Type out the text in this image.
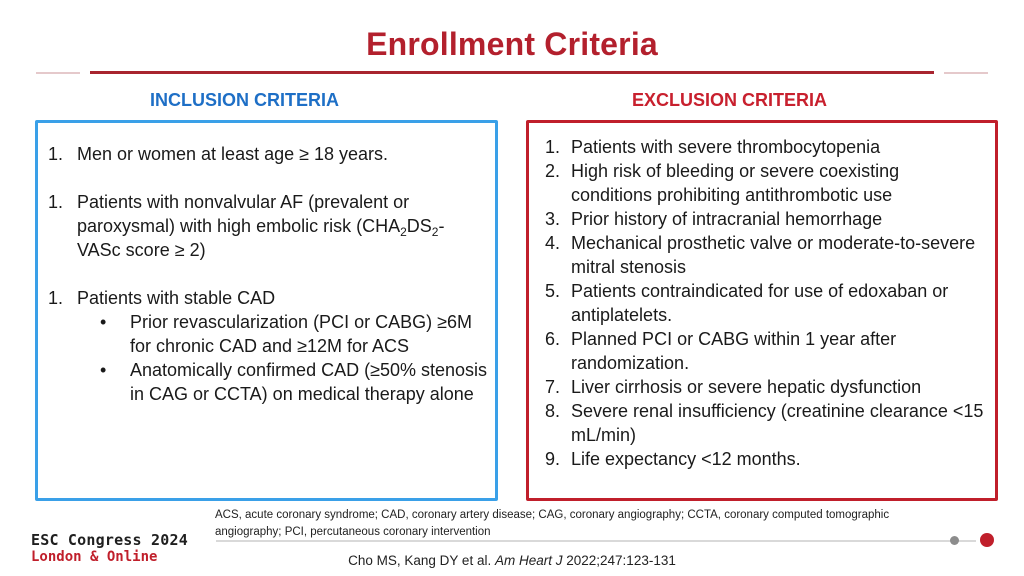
Enrollment Criteria
INCLUSION CRITERIA	EXCLUSION CRITERIA
1. Men or women at least age ≥ 18 years.
1. Patients with nonvalvular AF (prevalent or paroxysmal) with high embolic risk ($CHA_2DS_2$-VASc score ≥ 2)
1. Patients with stable CAD
•	Prior revascularization (PCI or CABG) ≥6M for chronic CAD and ≥12M for ACS
•	Anatomically confirmed CAD (≥50% stenosis in CAG or CCTA) on medical therapy alone
1. Patients with severe thrombocytopenia
2. High risk of bleeding or severe coexisting conditions prohibiting antithrombotic use
3. Prior history of intracranial hemorrhage
4. Mechanical prosthetic valve or moderate-to-severe mitral stenosis
5. Patients contraindicated for use of edoxaban or antiplatelets.
6. Planned PCI or CABG within 1 year after randomization.
7. Liver cirrhosis or severe hepatic dysfunction
8. Severe renal insufficiency (creatinine clearance <15 mL/min)
9. Life expectancy <12 months.
ACS, acute coronary syndrome; CAD, coronary artery disease; CAG, coronary angiography; CCTA, coronary computed tomographic angiography; PCI, percutaneous coronary intervention
ESC Congress 2024
London & Online	Cho MS, Kang DY et al. Am Heart J 2022;247:123-131
